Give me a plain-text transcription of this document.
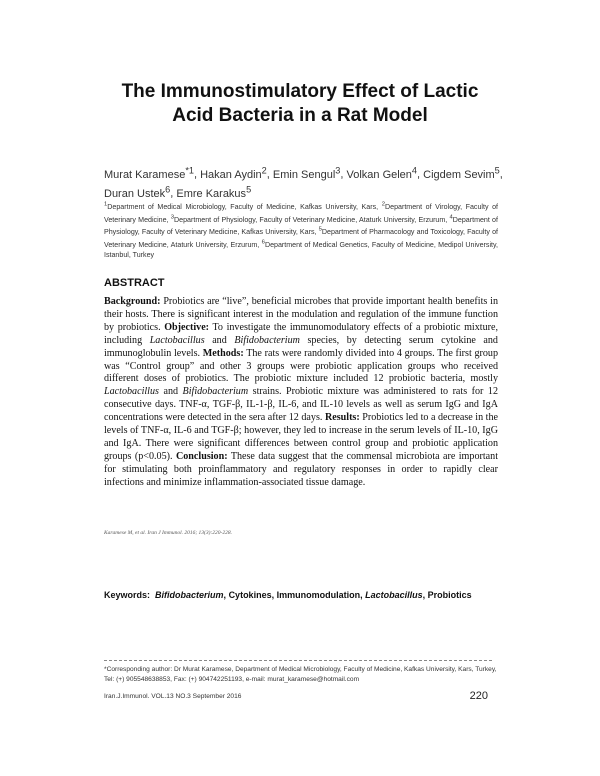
The Immunostimulatory Effect of Lactic
Acid Bacteria in a Rat Model
Murat Karamese$^{*1}$, Hakan Aydin$^2$, Emin Sengul$^3$, Volkan Gelen$^4$, Cigdem Sevim$^5$, Duran Ustek$^6$, Emre Karakus$^5$
$^1$Department of Medical Microbiology, Faculty of Medicine, Kafkas University, Kars, $^2$Department of Virology, Faculty of Veterinary Medicine, $^3$Department of Physiology, Faculty of Veterinary Medicine, Ataturk University, Erzurum, $^4$Department of Physiology, Faculty of Veterinary Medicine, Kafkas University, Kars, $^5$Department of Pharmacology and Toxicology, Faculty of Veterinary Medicine, Ataturk University, Erzurum, $^6$Department of Medical Genetics, Faculty of Medicine, Medipol University, Istanbul, Turkey
ABSTRACT
Background: Probiotics are “live”, beneficial microbes that provide important health benefits in their hosts. There is significant interest in the modulation and regulation of the immune function by probiotics. Objective: To investigate the immunomodulatory effects of a probiotic mixture, including Lactobacillus and Bifidobacterium species, by detecting serum cytokine and immunoglobulin levels. Methods: The rats were randomly divided into 4 groups. The first group was “Control group” and other 3 groups were probiotic application groups who received different doses of probiotics. The probiotic mixture included 12 probiotic bacteria, mostly Lactobacillus and Bifidobacterium strains. Probiotic mixture was administered to rats for 12 consecutive days. TNF-α, TGF-β, IL-1-β, IL-6, and IL-10 levels as well as serum IgG and IgA concentrations were detected in the sera after 12 days. Results: Probiotics led to a decrease in the levels of TNF-α, IL-6 and TGF-β; however, they led to increase in the serum levels of IL-10, IgG and IgA. There were significant differences between control group and probiotic application groups (p<0.05). Conclusion: These data suggest that the commensal microbiota are important for stimulating both proinflammatory and regulatory responses in order to rapidly clear infections and minimize inflammation-associated tissue damage.
Karamese M, et al. Iran J Immunol. 2016; 13(3):220-228.
Keywords: Bifidobacterium, Cytokines, Immunomodulation, Lactobacillus, Probiotics
*Corresponding author: Dr Murat Karamese, Department of Medical Microbiology, Faculty of Medicine, Kafkas University, Kars, Turkey, Tel: (+) 905548638853, Fax: (+) 904742251193, e-mail: murat_karamese@hotmail.com
Iran.J.Immunol. VOL.13 NO.3 September 2016	220
